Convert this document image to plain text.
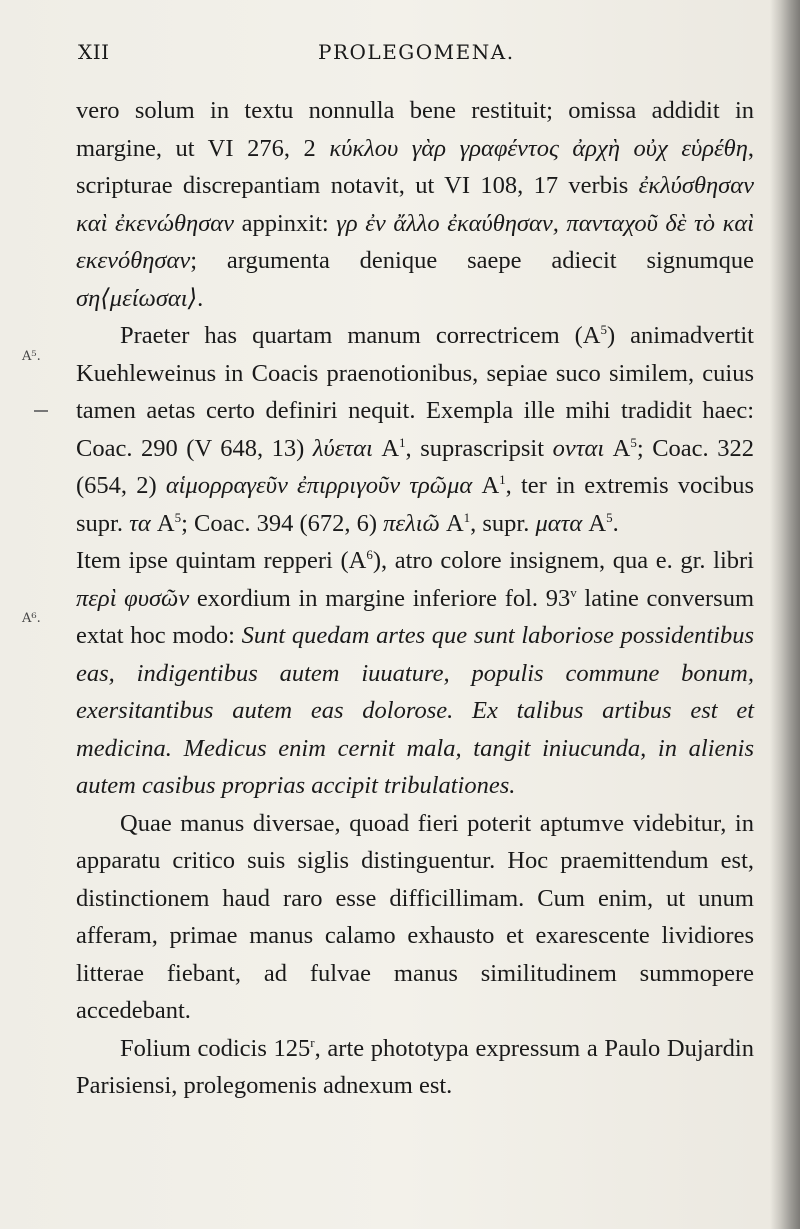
XII	PROLEGOMENA.
A⁵.
A⁶.

vero solum in textu nonnulla bene restituit; omissa addidit in margine, ut VI 276, 2 κύκλου γὰρ γραφέντος ἀρχὴ οὐχ εὑρέθη, scripturae discrepantiam notavit, ut VI 108, 17 verbis ἐκλύσθησαν καὶ ἐκενώθησαν appinxit: γρ ἐν ἄλλο ἐκαύθησαν, πανταχοῦ δὲ τὸ καὶ εκενόθησαν; argumenta denique saepe adiecit signumque ση⟨μείωσαι⟩.

Praeter has quartam manum correctricem $(A^5)$ animadvertit Kuehleweinus in Coacis praenotionibus, sepiae suco similem, cuius tamen aetas certo definiri nequit. Exempla ille mihi tradidit haec: Coac. 290 (V 648, 13) λύεται $A^1$, suprascripsit ονται $A^5$; Coac. 322 (654, 2) αἱμορραγεῦν ἐπιρριγοῦν τρῶμα $A^1$, ter in extremis vocibus supr. τα $A^5$; Coac. 394 (672, 6) πελιῶ $A^1$, supr. ματα $A^5$.

Item ipse quintam repperi $(A^6)$, atro colore insignem, qua e. gr. libri περὶ φυσῶν exordium in margine inferiore fol. 93$^v$ latine conversum extat hoc modo: Sunt quedam artes que sunt laboriose possidentibus eas, indigentibus autem iuuature, populis commune bonum, exersitantibus autem eas dolorose. Ex talibus artibus est et medicina. Medicus enim cernit mala, tangit iniucunda, in alienis autem casibus proprias accipit tribulationes.

Quae manus diversae, quoad fieri poterit aptumve videbitur, in apparatu critico suis siglis distinguentur. Hoc praemittendum est, distinctionem haud raro esse difficillimam. Cum enim, ut unum afferam, primae manus calamo exhausto et exarescente lividiores litterae fiebant, ad fulvae manus similitudinem summopere accedebant.

Folium codicis 125$^r$, arte phototypa expressum a Paulo Dujardin Parisiensi, prolegomenis adnexum est.
